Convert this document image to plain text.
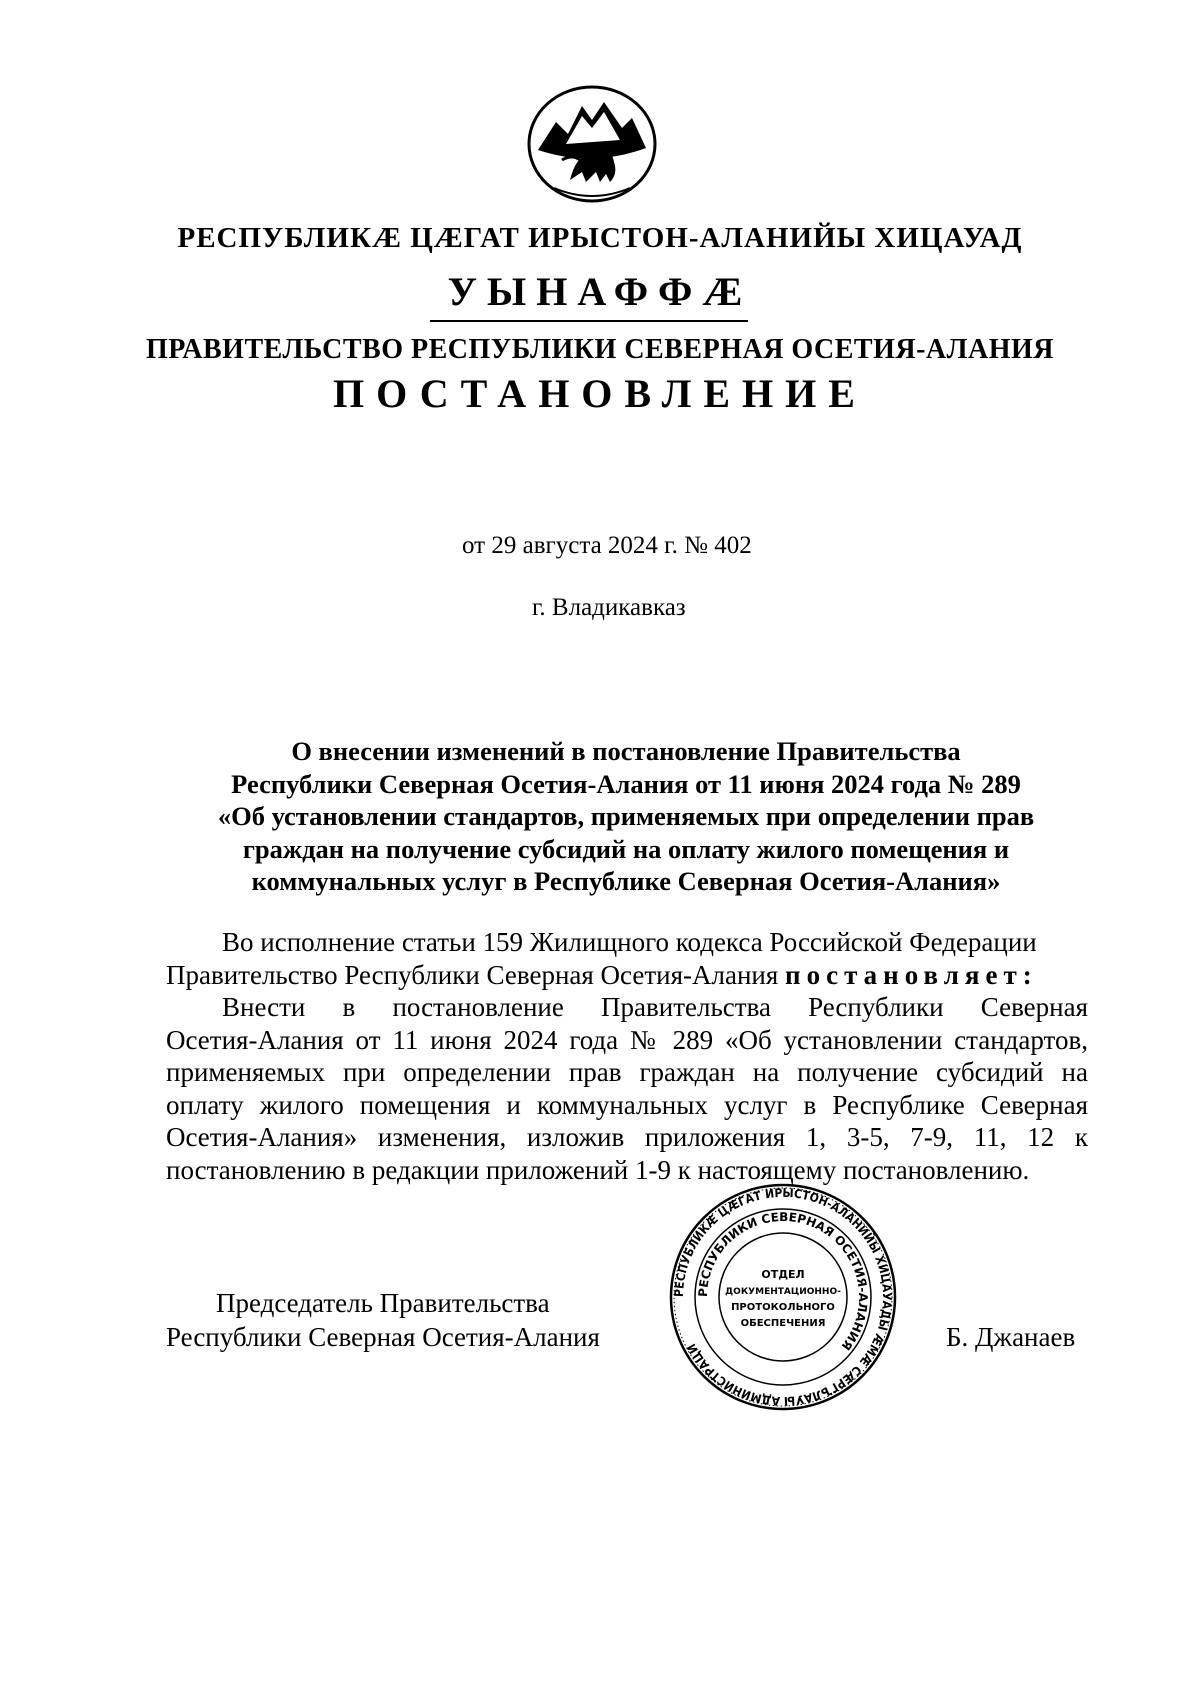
РЕСПУБЛИКӔ ЦӔГАТ ИРЫСТОН-АЛАНИЙЫ ХИЦАУАД
УЫНАФФӔ
ПРАВИТЕЛЬСТВО РЕСПУБЛИКИ СЕВЕРНАЯ ОСЕТИЯ-АЛАНИЯ
ПОСТАНОВЛЕНИЕ
от 29 августа 2024 г. № 402
г. Владикавказ
О внесении изменений в постановление Правительства
Республики Северная Осетия-Алания от 11 июня 2024 года № 289
«Об установлении стандартов, применяемых при определении прав
граждан на получение субсидий на оплату жилого помещения и
коммунальных услуг в Республике Северная Осетия-Алания»
Во исполнение статьи 159 Жилищного кодекса Российской Федерации
Правительство Республики Северная Осетия-Алания постановляет:
Внести в постановление Правительства Республики Северная
Осетия-Алания от 11 июня 2024 года № 289 «Об установлении стандартов,
применяемых при определении прав граждан на получение субсидий на
оплату жилого помещения и коммунальных услуг в Республике Северная
Осетия-Алания» изменения, изложив приложения 1, 3-5, 7-9, 11, 12 к
постановлению в редакции приложений 1-9 к настоящему постановлению.
Председатель Правительства
Республики Северная Осетия-Алания	Б. Джанаев
РЕСПУБЛИКӔ ЦӔГАТ ИРЫСТОН-АЛАНИЙЫ ХИЦАУАДЫ ӔМӔ СӔРГЪЛАУЫ АДМИНИСТРАЦИ
РЕСПУБЛИКИ СЕВЕРНАЯ ОСЕТИЯ-АЛАНИЯ
ОТДЕЛ
ДОКУМЕНТАЦИОННО-
ПРОТОКОЛЬНОГО
ОБЕСПЕЧЕНИЯ
